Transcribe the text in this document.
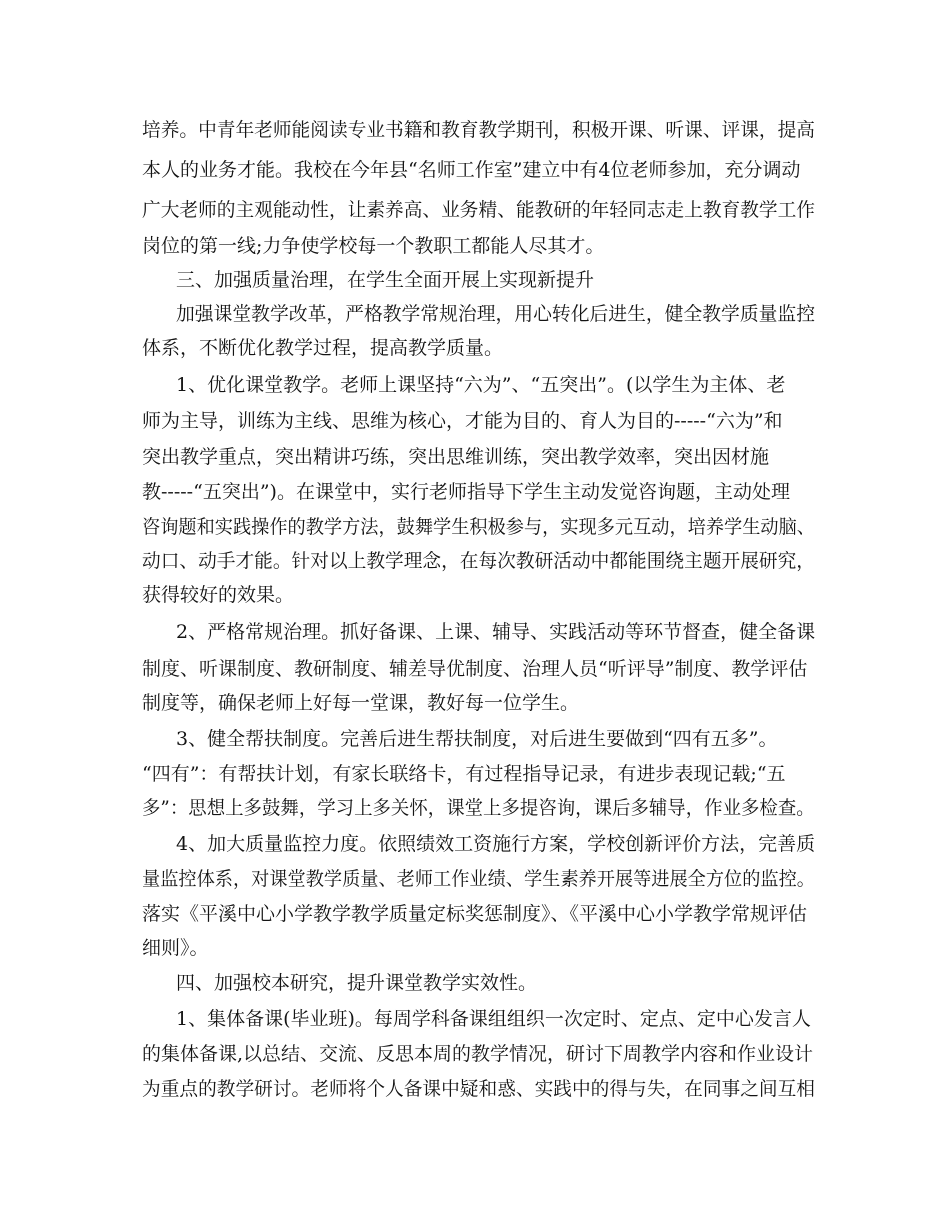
培养。中青年老师能阅读专业书籍和教育教学期刊，积极开课、听课、评课，提高
本人的业务才能。我校在今年县“名师工作室”建立中有4位老师参加，充分调动
广大老师的主观能动性，让素养高、业务精、能教研的年轻同志走上教育教学工作
岗位的第一线;力争使学校每一个教职工都能人尽其才。
三、加强质量治理，在学生全面开展上实现新提升
加强课堂教学改革，严格教学常规治理，用心转化后进生，健全教学质量监控
体系，不断优化教学过程，提高教学质量。
1、优化课堂教学。老师上课坚持“六为”、“五突出”。(以学生为主体、老
师为主导，训练为主线、思维为核心，才能为目的、育人为目的-----“六为”和
突出教学重点，突出精讲巧练，突出思维训练，突出教学效率，突出因材施
教-----“五突出”)。在课堂中，实行老师指导下学生主动发觉咨询题，主动处理
咨询题和实践操作的教学方法，鼓舞学生积极参与，实现多元互动，培养学生动脑、
动口、动手才能。针对以上教学理念，在每次教研活动中都能围绕主题开展研究，
获得较好的效果。
2、严格常规治理。抓好备课、上课、辅导、实践活动等环节督查，健全备课
制度、听课制度、教研制度、辅差导优制度、治理人员“听评导”制度、教学评估
制度等，确保老师上好每一堂课，教好每一位学生。
3、健全帮扶制度。完善后进生帮扶制度，对后进生要做到“四有五多”。
“四有”：有帮扶计划，有家长联络卡，有过程指导记录，有进步表现记载;“五
多”：思想上多鼓舞，学习上多关怀，课堂上多提咨询，课后多辅导，作业多检查。
4、加大质量监控力度。依照绩效工资施行方案，学校创新评价方法，完善质
量监控体系，对课堂教学质量、老师工作业绩、学生素养开展等进展全方位的监控。
落实《平溪中心小学教学教学质量定标奖惩制度》、《平溪中心小学教学常规评估
细则》。
四、加强校本研究，提升课堂教学实效性。
1、集体备课(毕业班)。每周学科备课组组织一次定时、定点、定中心发言人
的集体备课,以总结、交流、反思本周的教学情况，研讨下周教学内容和作业设计
为重点的教学研讨。老师将个人备课中疑和惑、实践中的得与失，在同事之间互相
